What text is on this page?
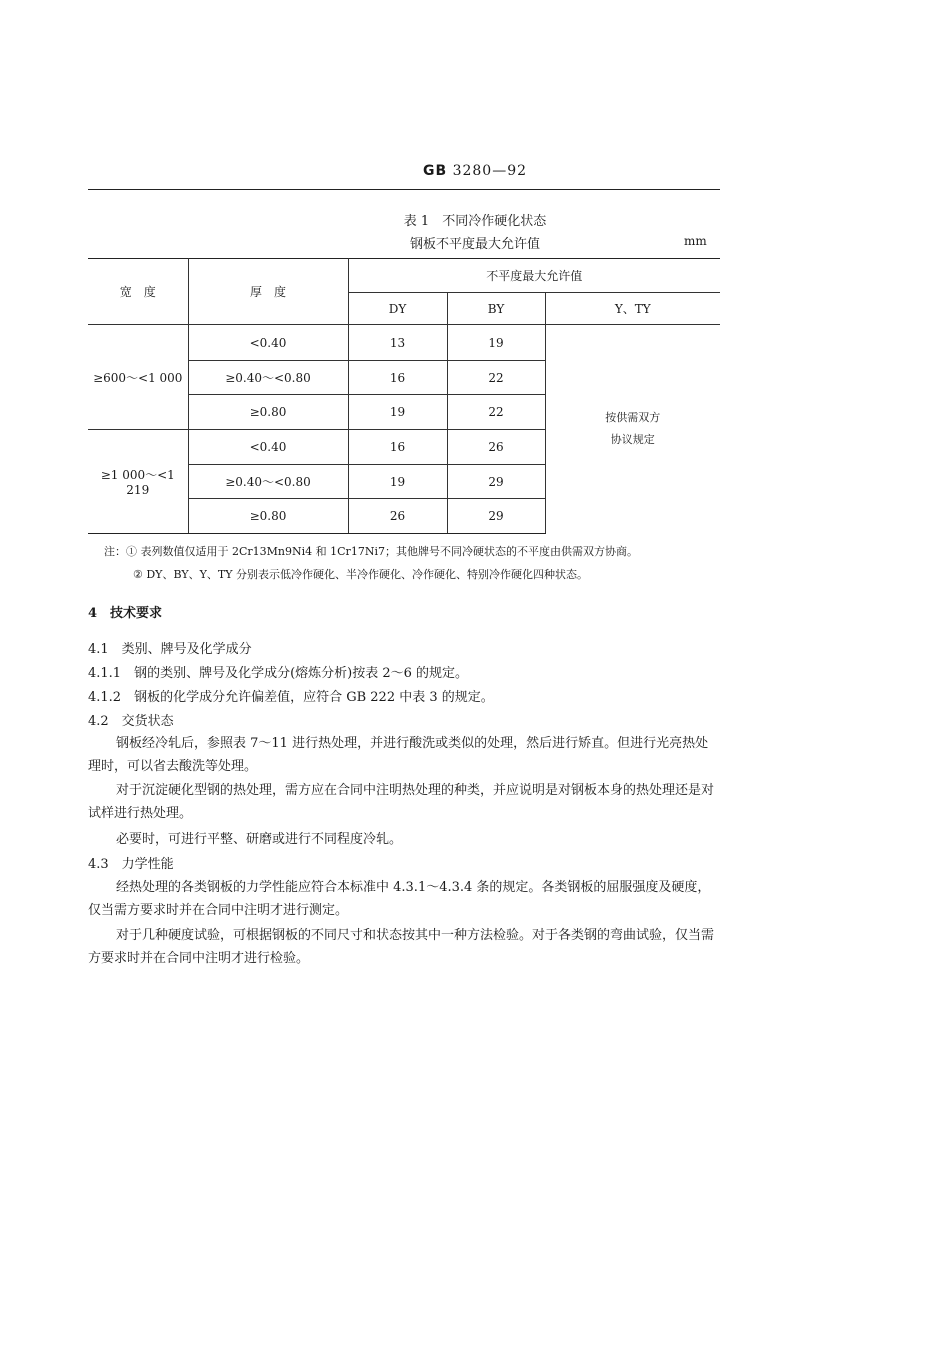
GB 3280—92
表 1　不同冷作硬化状态
钢板不平度最大允许值	mm
宽　度	厚　度	不平度最大允许值		
		DY	BY	Y、TY
≥600～<1 000	<0.40	13	19	按供需双方协议规定

	≥0.40～<0.80	16	22	
	≥0.80	19	22	
≥1 000～<1 219	<0.40	16	26	
	≥0.40～<0.80	19	29	
	≥0.80	26	29	
注：① 表列数值仅适用于 2Cr13Mn9Ni4 和 1Cr17Ni7；其他牌号不同冷硬状态的不平度由供需双方协商。
② DY、BY、Y、TY 分别表示低冷作硬化、半冷作硬化、冷作硬化、特别冷作硬化四种状态。
4　技术要求
4.1　类别、牌号及化学成分
4.1.1　钢的类别、牌号及化学成分(熔炼分析)按表 2～6 的规定。
4.1.2　钢板的化学成分允许偏差值，应符合 GB 222 中表 3 的规定。
4.2　交货状态
钢板经冷轧后，参照表 7～11 进行热处理，并进行酸洗或类似的处理，然后进行矫直。但进行光亮热处理时，可以省去酸洗等处理。
对于沉淀硬化型钢的热处理，需方应在合同中注明热处理的种类，并应说明是对钢板本身的热处理还是对试样进行热处理。
必要时，可进行平整、研磨或进行不同程度冷轧。
4.3　力学性能
经热处理的各类钢板的力学性能应符合本标准中 4.3.1～4.3.4 条的规定。各类钢板的屈服强度及硬度，仅当需方要求时并在合同中注明才进行测定。
对于几种硬度试验，可根据钢板的不同尺寸和状态按其中一种方法检验。对于各类钢的弯曲试验，仅当需方要求时并在合同中注明才进行检验。
